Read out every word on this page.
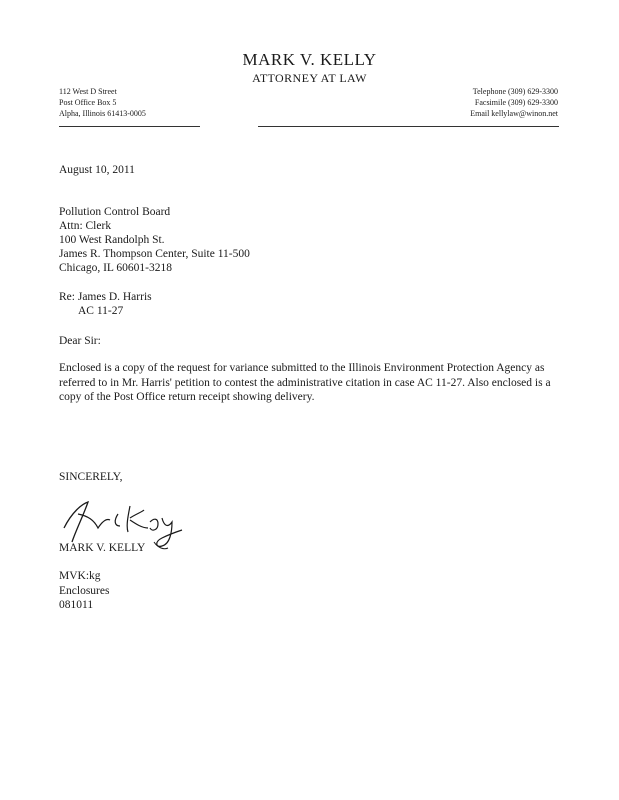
MARK V. KELLY
ATTORNEY AT LAW
112 West D Street
Post Office Box 5
Alpha, Illinois 61413-0005
Telephone (309) 629-3300
Facsimile (309) 629-3300
Email kellylaw@winon.net
August 10, 2011
Pollution Control Board
Attn: Clerk
100 West Randolph St.
James R. Thompson Center, Suite 11-500
Chicago, IL 60601-3218
Re: James D. Harris
AC 11-27
Dear Sir:
Enclosed is a copy of the request for variance submitted to the Illinois Environment Protection Agency as referred to in Mr. Harris' petition to contest the administrative citation in case AC 11-27. Also enclosed is a copy of the Post Office return receipt showing delivery.
SINCERELY,
MARK V. KELLY
MVK:kg
Enclosures
081011
